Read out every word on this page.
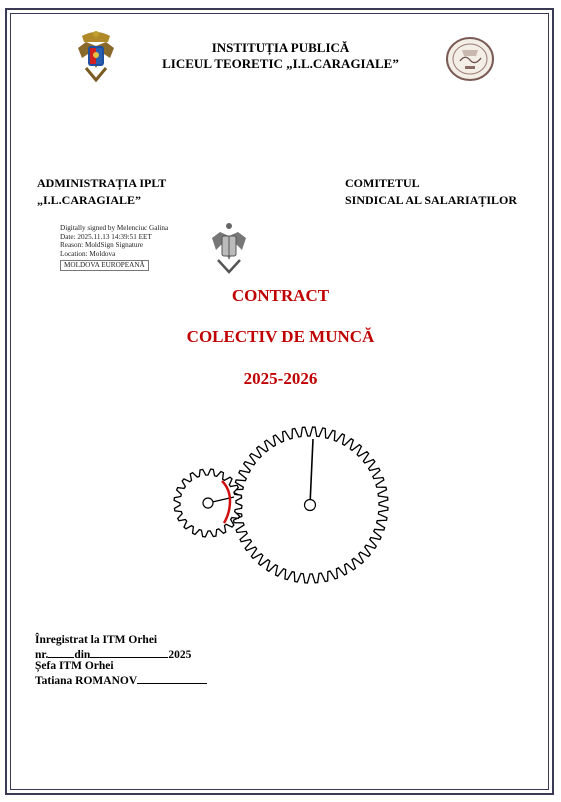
INSTITUȚIA PUBLICĂ
LICEUL TEORETIC „I.L.CARAGIALE”
ADMINISTRAȚIA IPLT
„I.L.CARAGIALE”
COMITETUL
SINDICAL AL SALARIAȚILOR
Digitally signed by Melenciuc Galina
Date: 2025.11.13 14:39:51 EET
Reason: MoldSign Signature
Location: Moldova
MOLDOVA EUROPEANĂ
CONTRACT
COLECTIV DE MUNCĂ
2025-2026
Înregistrat la ITM Orhei
nr. din	2025
Șefa ITM Orhei
Tatiana ROMANOV
